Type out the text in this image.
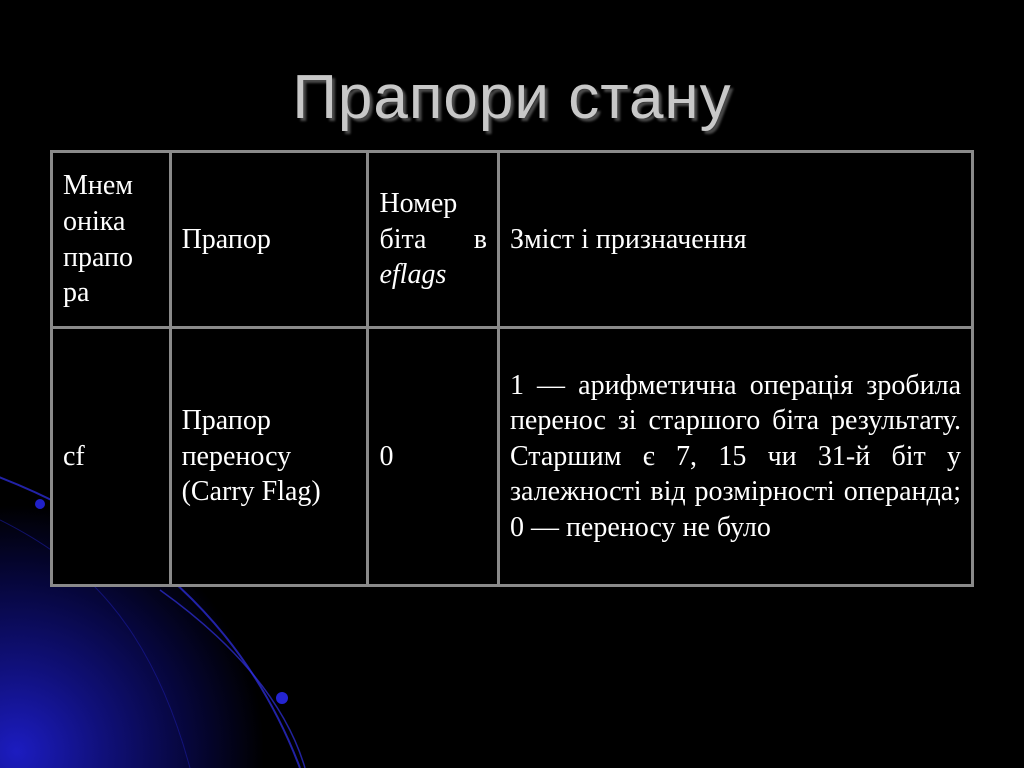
Прапори стану
Мнем оніка прапо ра	Прапор	Номер біта в eflags	Зміст і призначення
cf	Прапор переносу (Carry Flag)	0	1 — арифметична операція зробила перенос зі старшого біта результату. Старшим є 7, 15 чи 31-й біт у залежності від розмірності операнда; 0 — переносу не було
